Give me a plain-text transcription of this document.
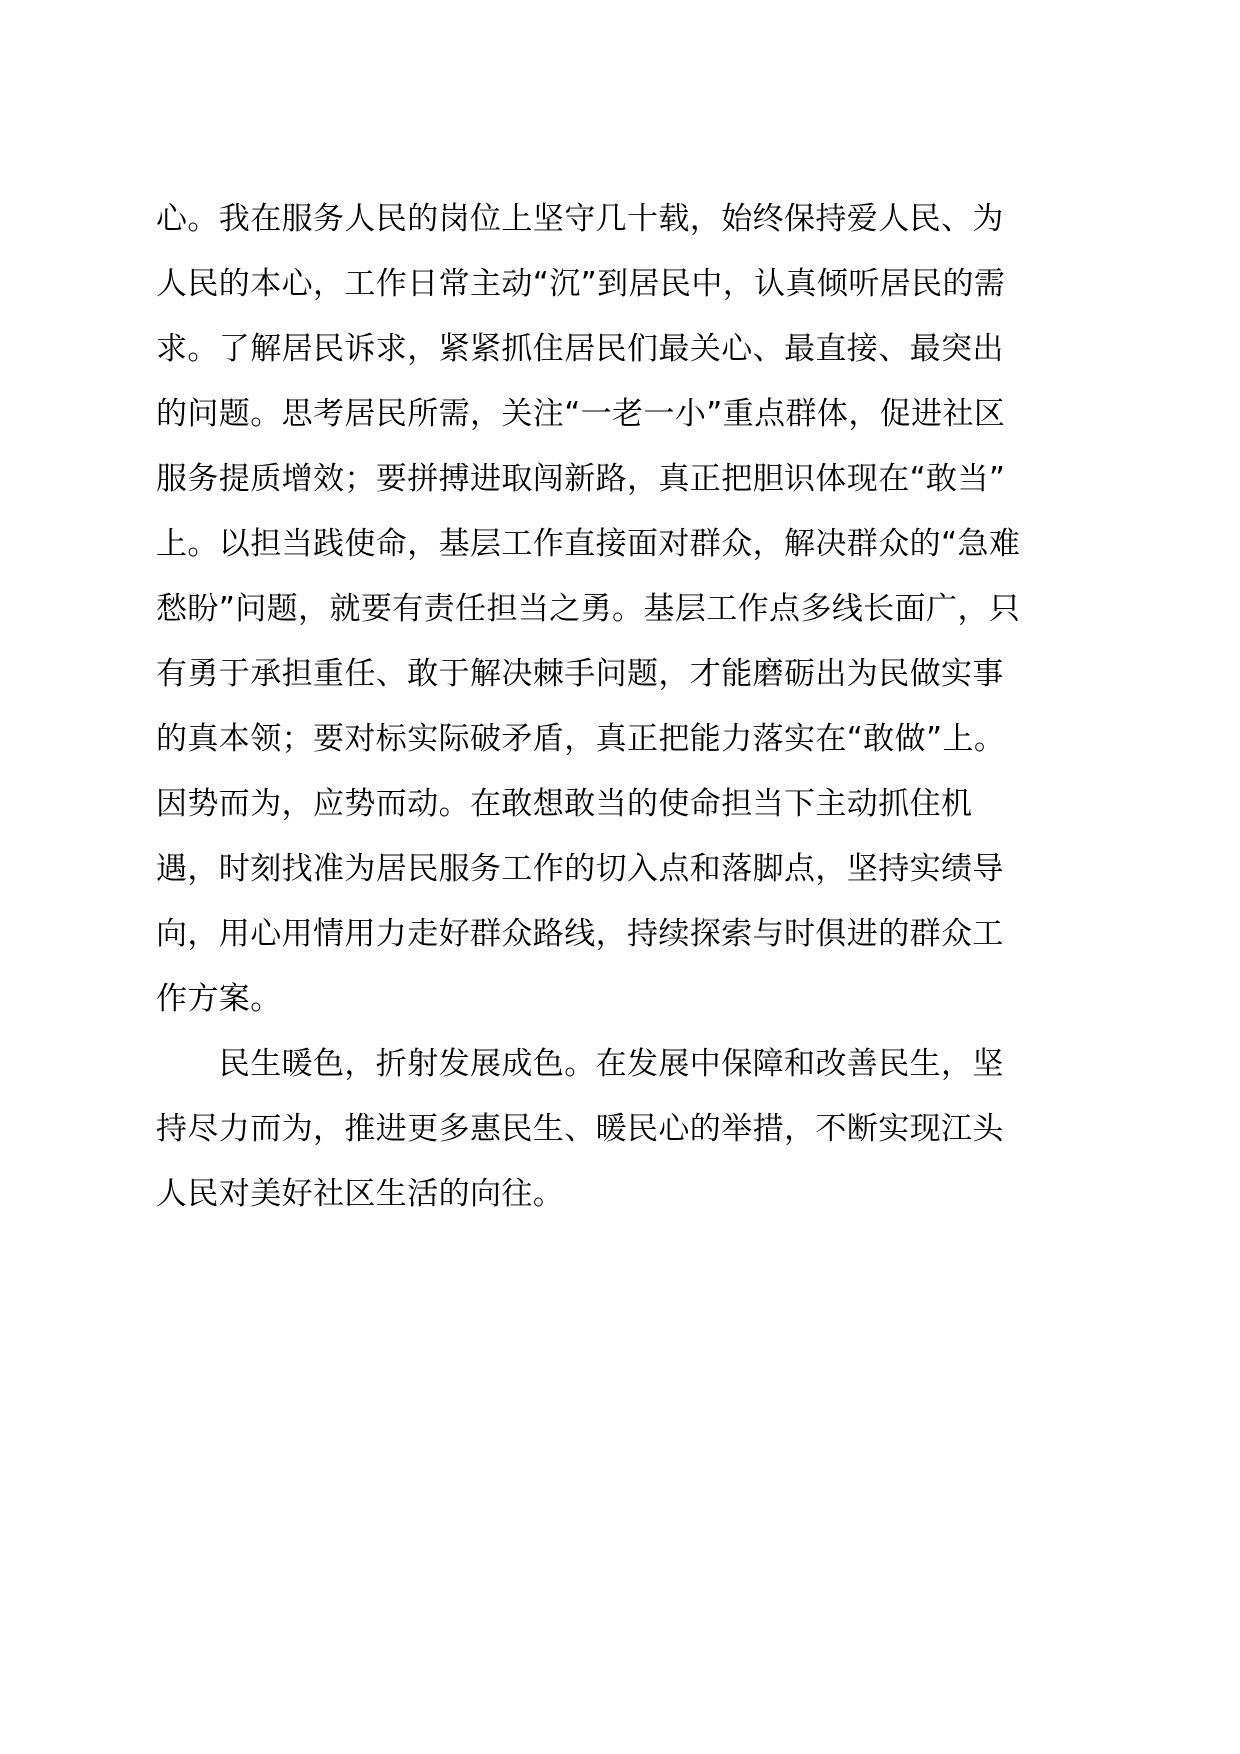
心。我在服务人民的岗位上坚守几十载，始终保持爱人民、为
人民的本心，工作日常主动“沉”到居民中，认真倾听居民的需
求。了解居民诉求，紧紧抓住居民们最关心、最直接、最突出
的问题。思考居民所需，关注“一老一小”重点群体，促进社区
服务提质增效；要拼搏进取闯新路，真正把胆识体现在“敢当”
上。以担当践使命，基层工作直接面对群众，解决群众的“急难
愁盼”问题，就要有责任担当之勇。基层工作点多线长面广，只
有勇于承担重任、敢于解决棘手问题，才能磨砺出为民做实事
的真本领；要对标实际破矛盾，真正把能力落实在“敢做”上。
因势而为，应势而动。在敢想敢当的使命担当下主动抓住机
遇，时刻找准为居民服务工作的切入点和落脚点，坚持实绩导
向，用心用情用力走好群众路线，持续探索与时俱进的群众工
作方案。
　　民生暖色，折射发展成色。在发展中保障和改善民生，坚
持尽力而为，推进更多惠民生、暖民心的举措，不断实现江头
人民对美好社区生活的向往。
